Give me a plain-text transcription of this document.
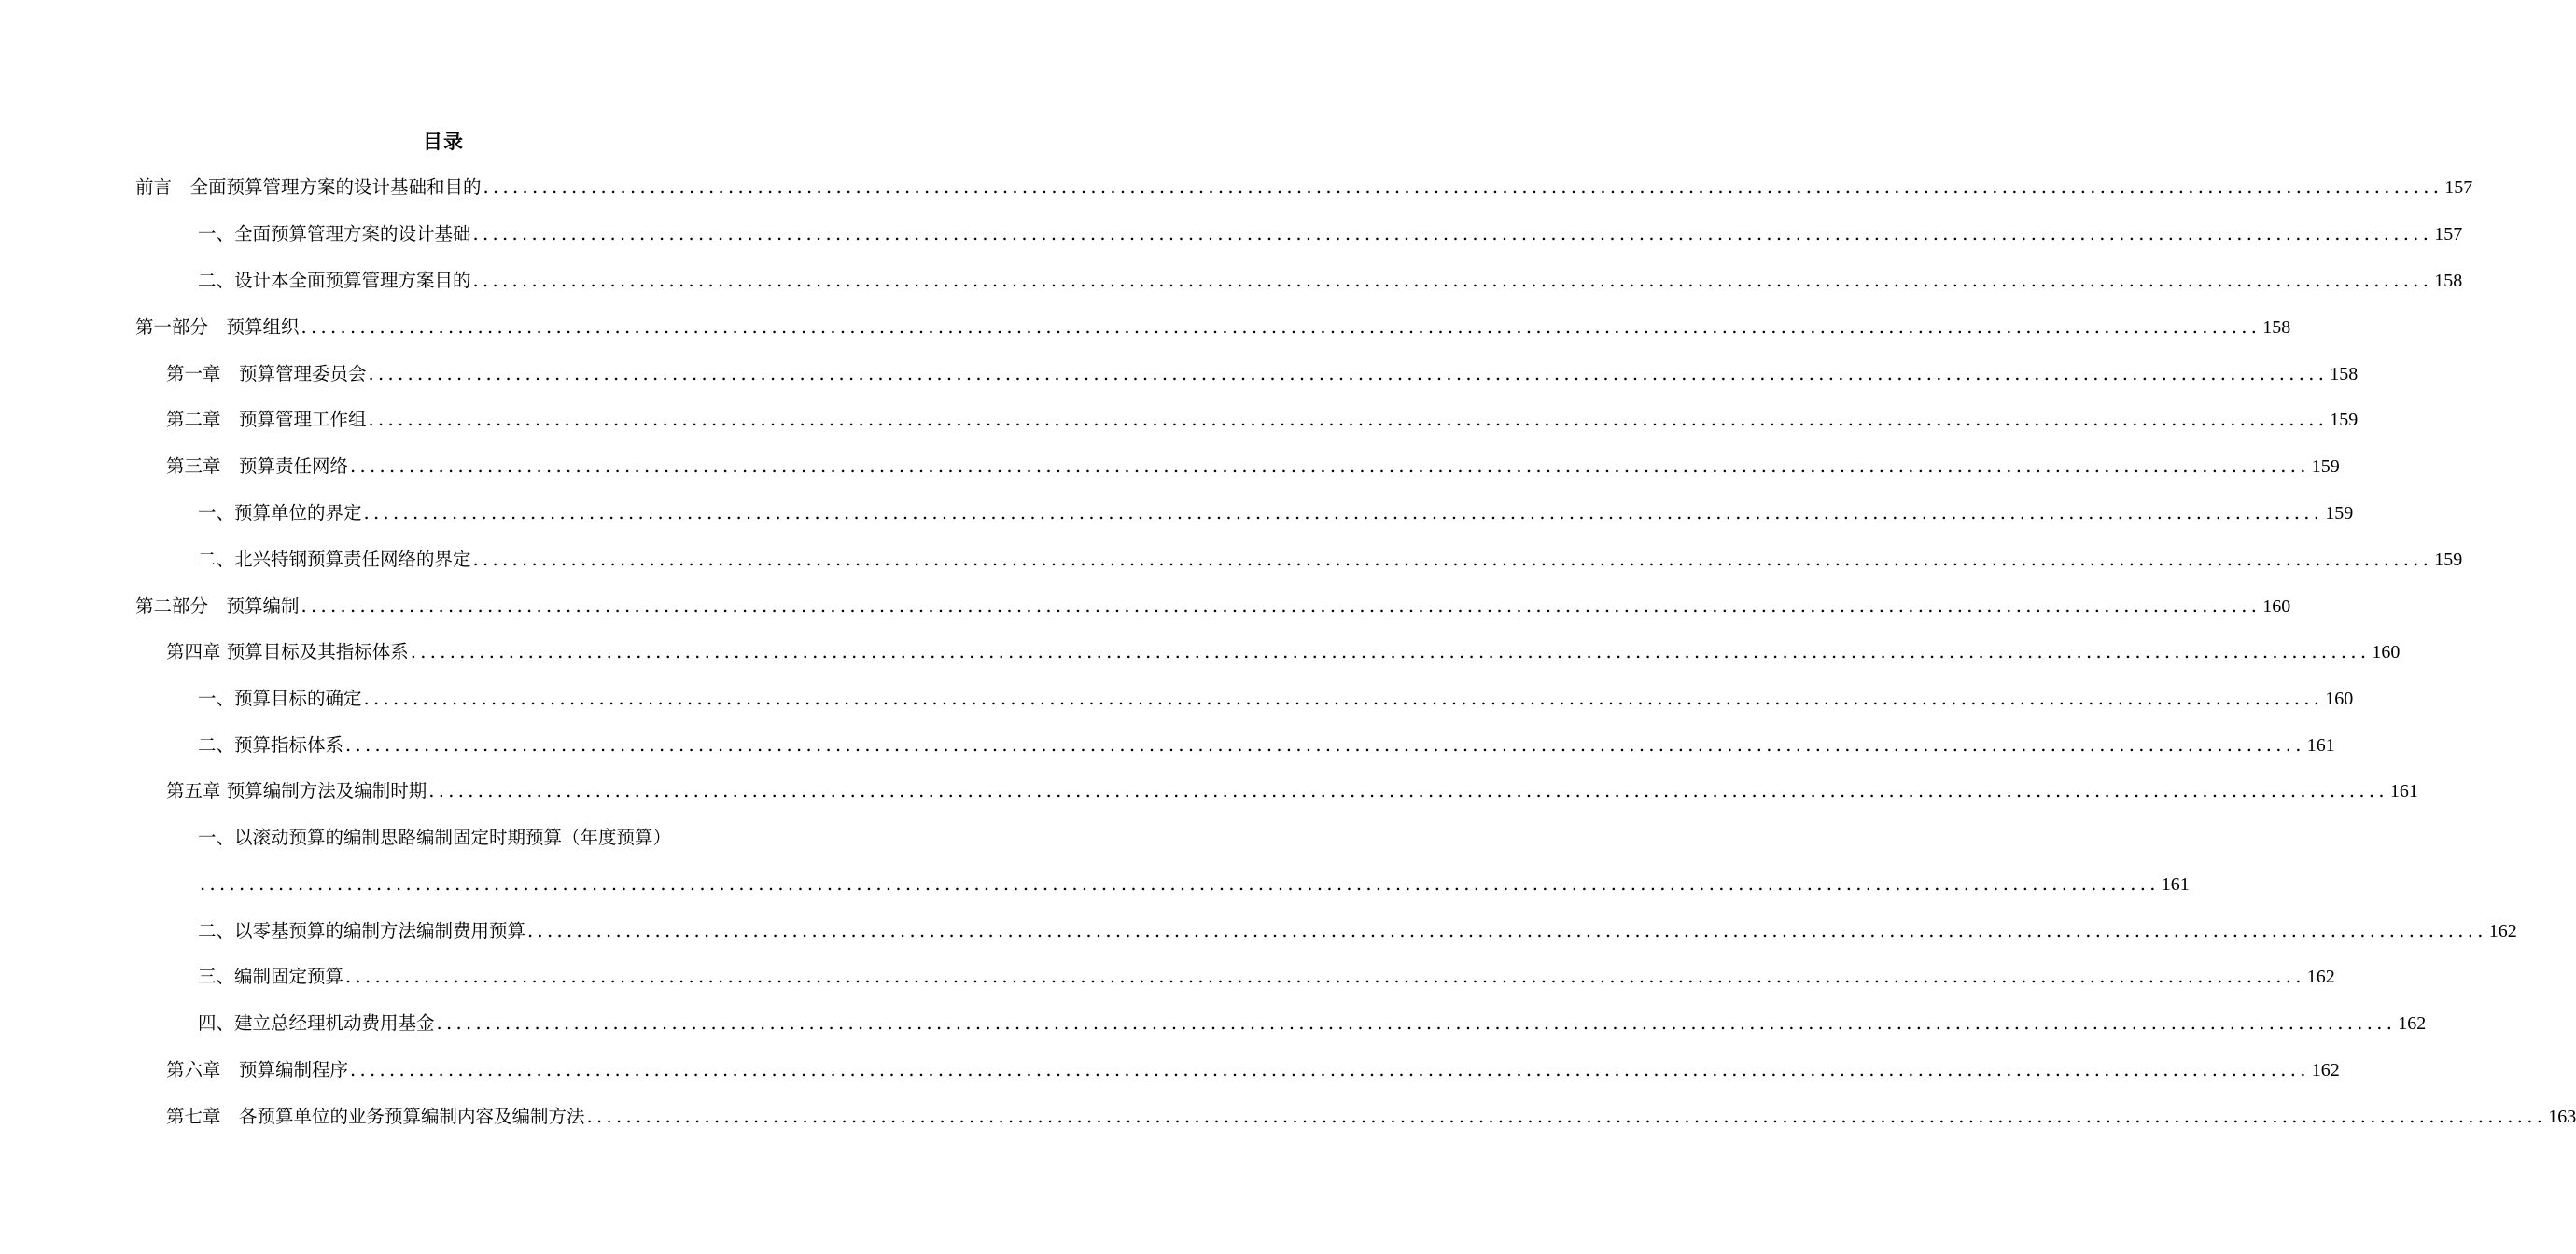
目录
前言　全面预算管理方案的设计基础和目的 ........................................................................................................................................................................................................ 157
一、全面预算管理方案的设计基础 ........................................................................................................................................................................................................ 157
二、设计本全面预算管理方案目的 ........................................................................................................................................................................................................ 158
第一部分　预算组织 ........................................................................................................................................................................................................ 158
第一章　预算管理委员会 ........................................................................................................................................................................................................ 158
第二章　预算管理工作组 ........................................................................................................................................................................................................ 159
第三章　预算责任网络 ........................................................................................................................................................................................................ 159
一、预算单位的界定 ........................................................................................................................................................................................................ 159
二、北兴特钢预算责任网络的界定 ........................................................................................................................................................................................................ 159
第二部分　预算编制 ........................................................................................................................................................................................................ 160
第四章 预算目标及其指标体系 ........................................................................................................................................................................................................ 160
一、预算目标的确定 ........................................................................................................................................................................................................ 160
二、预算指标体系 ........................................................................................................................................................................................................ 161
第五章 预算编制方法及编制时期 ........................................................................................................................................................................................................ 161
一、以滚动预算的编制思路编制固定时期预算（年度预算）
........................................................................................................................................................................................................ 161
二、以零基预算的编制方法编制费用预算 ........................................................................................................................................................................................................ 162
三、编制固定预算 ........................................................................................................................................................................................................ 162
四、建立总经理机动费用基金 ........................................................................................................................................................................................................ 162
第六章　预算编制程序 ........................................................................................................................................................................................................ 162
第七章　各预算单位的业务预算编制内容及编制方法 ........................................................................................................................................................................................................ 163
